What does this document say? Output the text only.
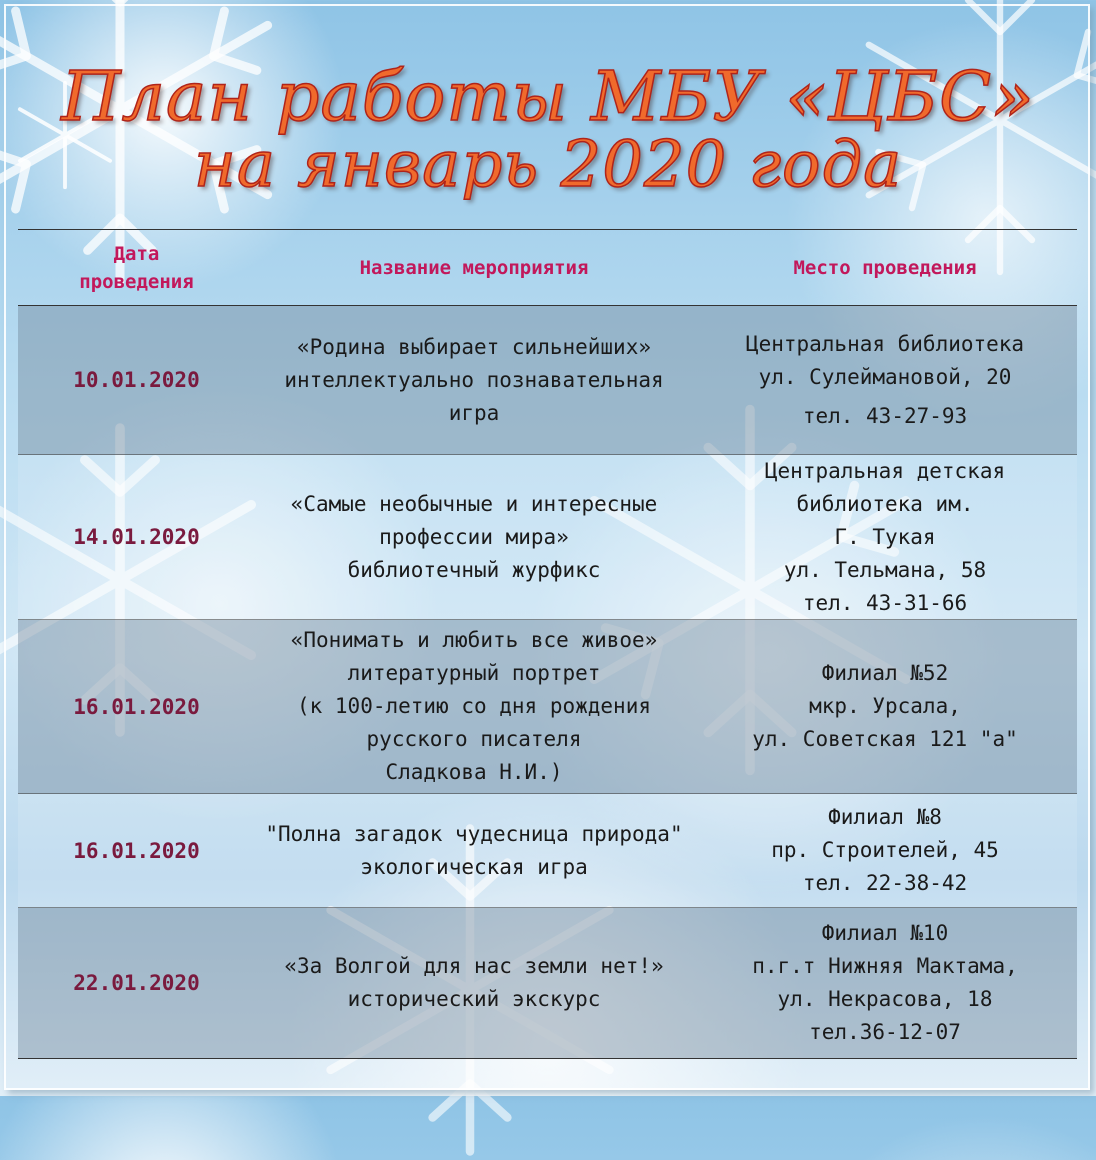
План работы МБУ «ЦБС»
на январь 2020 года
Дата
проведения
Название мероприятия	Место проведения
10.01.2020
«Родина выбирает сильнейших»
интеллектуально познавательная
игра
Центральная библиотека
ул. Сулеймановой, 20
тел. 43-27-93
14.01.2020
«Самые необычные и интересные
профессии мира»
библиотечный журфикс
Центральная детская
библиотека им.
Г. Тукая
ул. Тельмана, 58
тел. 43-31-66
16.01.2020
«Понимать и любить все живое»
литературный портрет
(к 100-летию со дня рождения
русского писателя
Сладкова Н.И.)
Филиал №52
мкр. Урсала,
ул. Советская 121 "а"
16.01.2020
"Полна загадок чудесница природа"
экологическая игра
Филиал №8
пр. Строителей, 45
тел. 22-38-42
22.01.2020
«За Волгой для нас земли нет!»
исторический экскурс
Филиал №10
п.г.т Нижняя Мактама,
ул. Некрасова, 18
тел.36-12-07
